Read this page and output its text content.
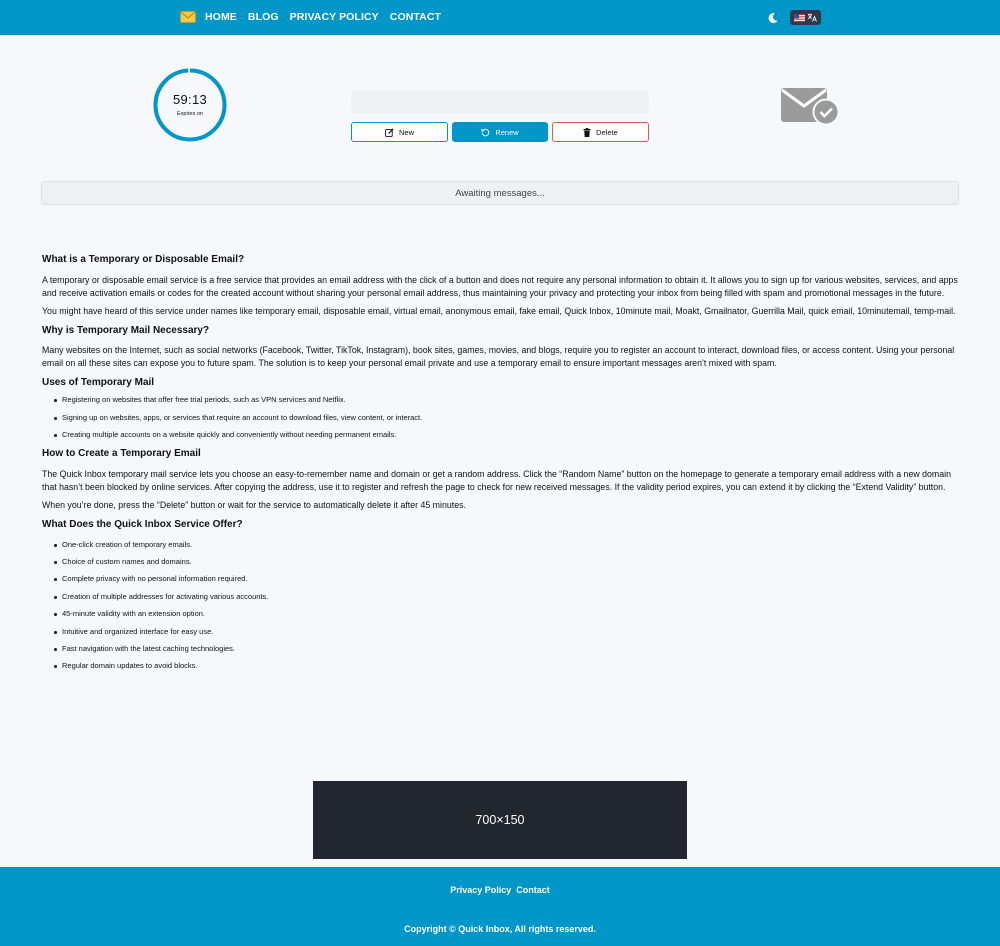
HOME BLOG PRIVACY POLICY CONTACT
59:13
Expires on
New	Renew	Delete
Awaiting messages...
What is a Temporary or Disposable Email?
A temporary or disposable email service is a free service that provides an email address with the click of a button and does not require any personal information to obtain it. It allows you to sign up for various websites, services, and apps and receive activation emails or codes for the created account without sharing your personal email address, thus maintaining your privacy and protecting your inbox from being filled with spam and promotional messages in the future.
You might have heard of this service under names like temporary email, disposable email, virtual email, anonymous email, fake email, Quick Inbox, 10minute mail, Moakt, Gmailnator, Guerrilla Mail, quick email, 10minutemail, temp-mail.
Why is Temporary Mail Necessary?
Many websites on the Internet, such as social networks (Facebook, Twitter, TikTok, Instagram), book sites, games, movies, and blogs, require you to register an account to interact, download files, or access content. Using your personal email on all these sites can expose you to future spam. The solution is to keep your personal email private and use a temporary email to ensure important messages aren’t mixed with spam.
Uses of Temporary Mail
Registering on websites that offer free trial periods, such as VPN services and Netflix.
Signing up on websites, apps, or services that require an account to download files, view content, or interact.
Creating multiple accounts on a website quickly and conveniently without needing permanent emails.
How to Create a Temporary Email
The Quick Inbox temporary mail service lets you choose an easy-to-remember name and domain or get a random address. Click the “Random Name” button on the homepage to generate a temporary email address with a new domain that hasn’t been blocked by online services. After copying the address, use it to register and refresh the page to check for new received messages. If the validity period expires, you can extend it by clicking the “Extend Validity” button.
When you’re done, press the “Delete” button or wait for the service to automatically delete it after 45 minutes.
What Does the Quick Inbox Service Offer?
One-click creation of temporary emails.
Choice of custom names and domains.
Complete privacy with no personal information required.
Creation of multiple addresses for activating various accounts.
45-minute validity with an extension option.
Intuitive and organized interface for easy use.
Fast navigation with the latest caching technologies.
Regular domain updates to avoid blocks.
700×150
Privacy Policy Contact
Copyright © Quick Inbox, All rights reserved.
